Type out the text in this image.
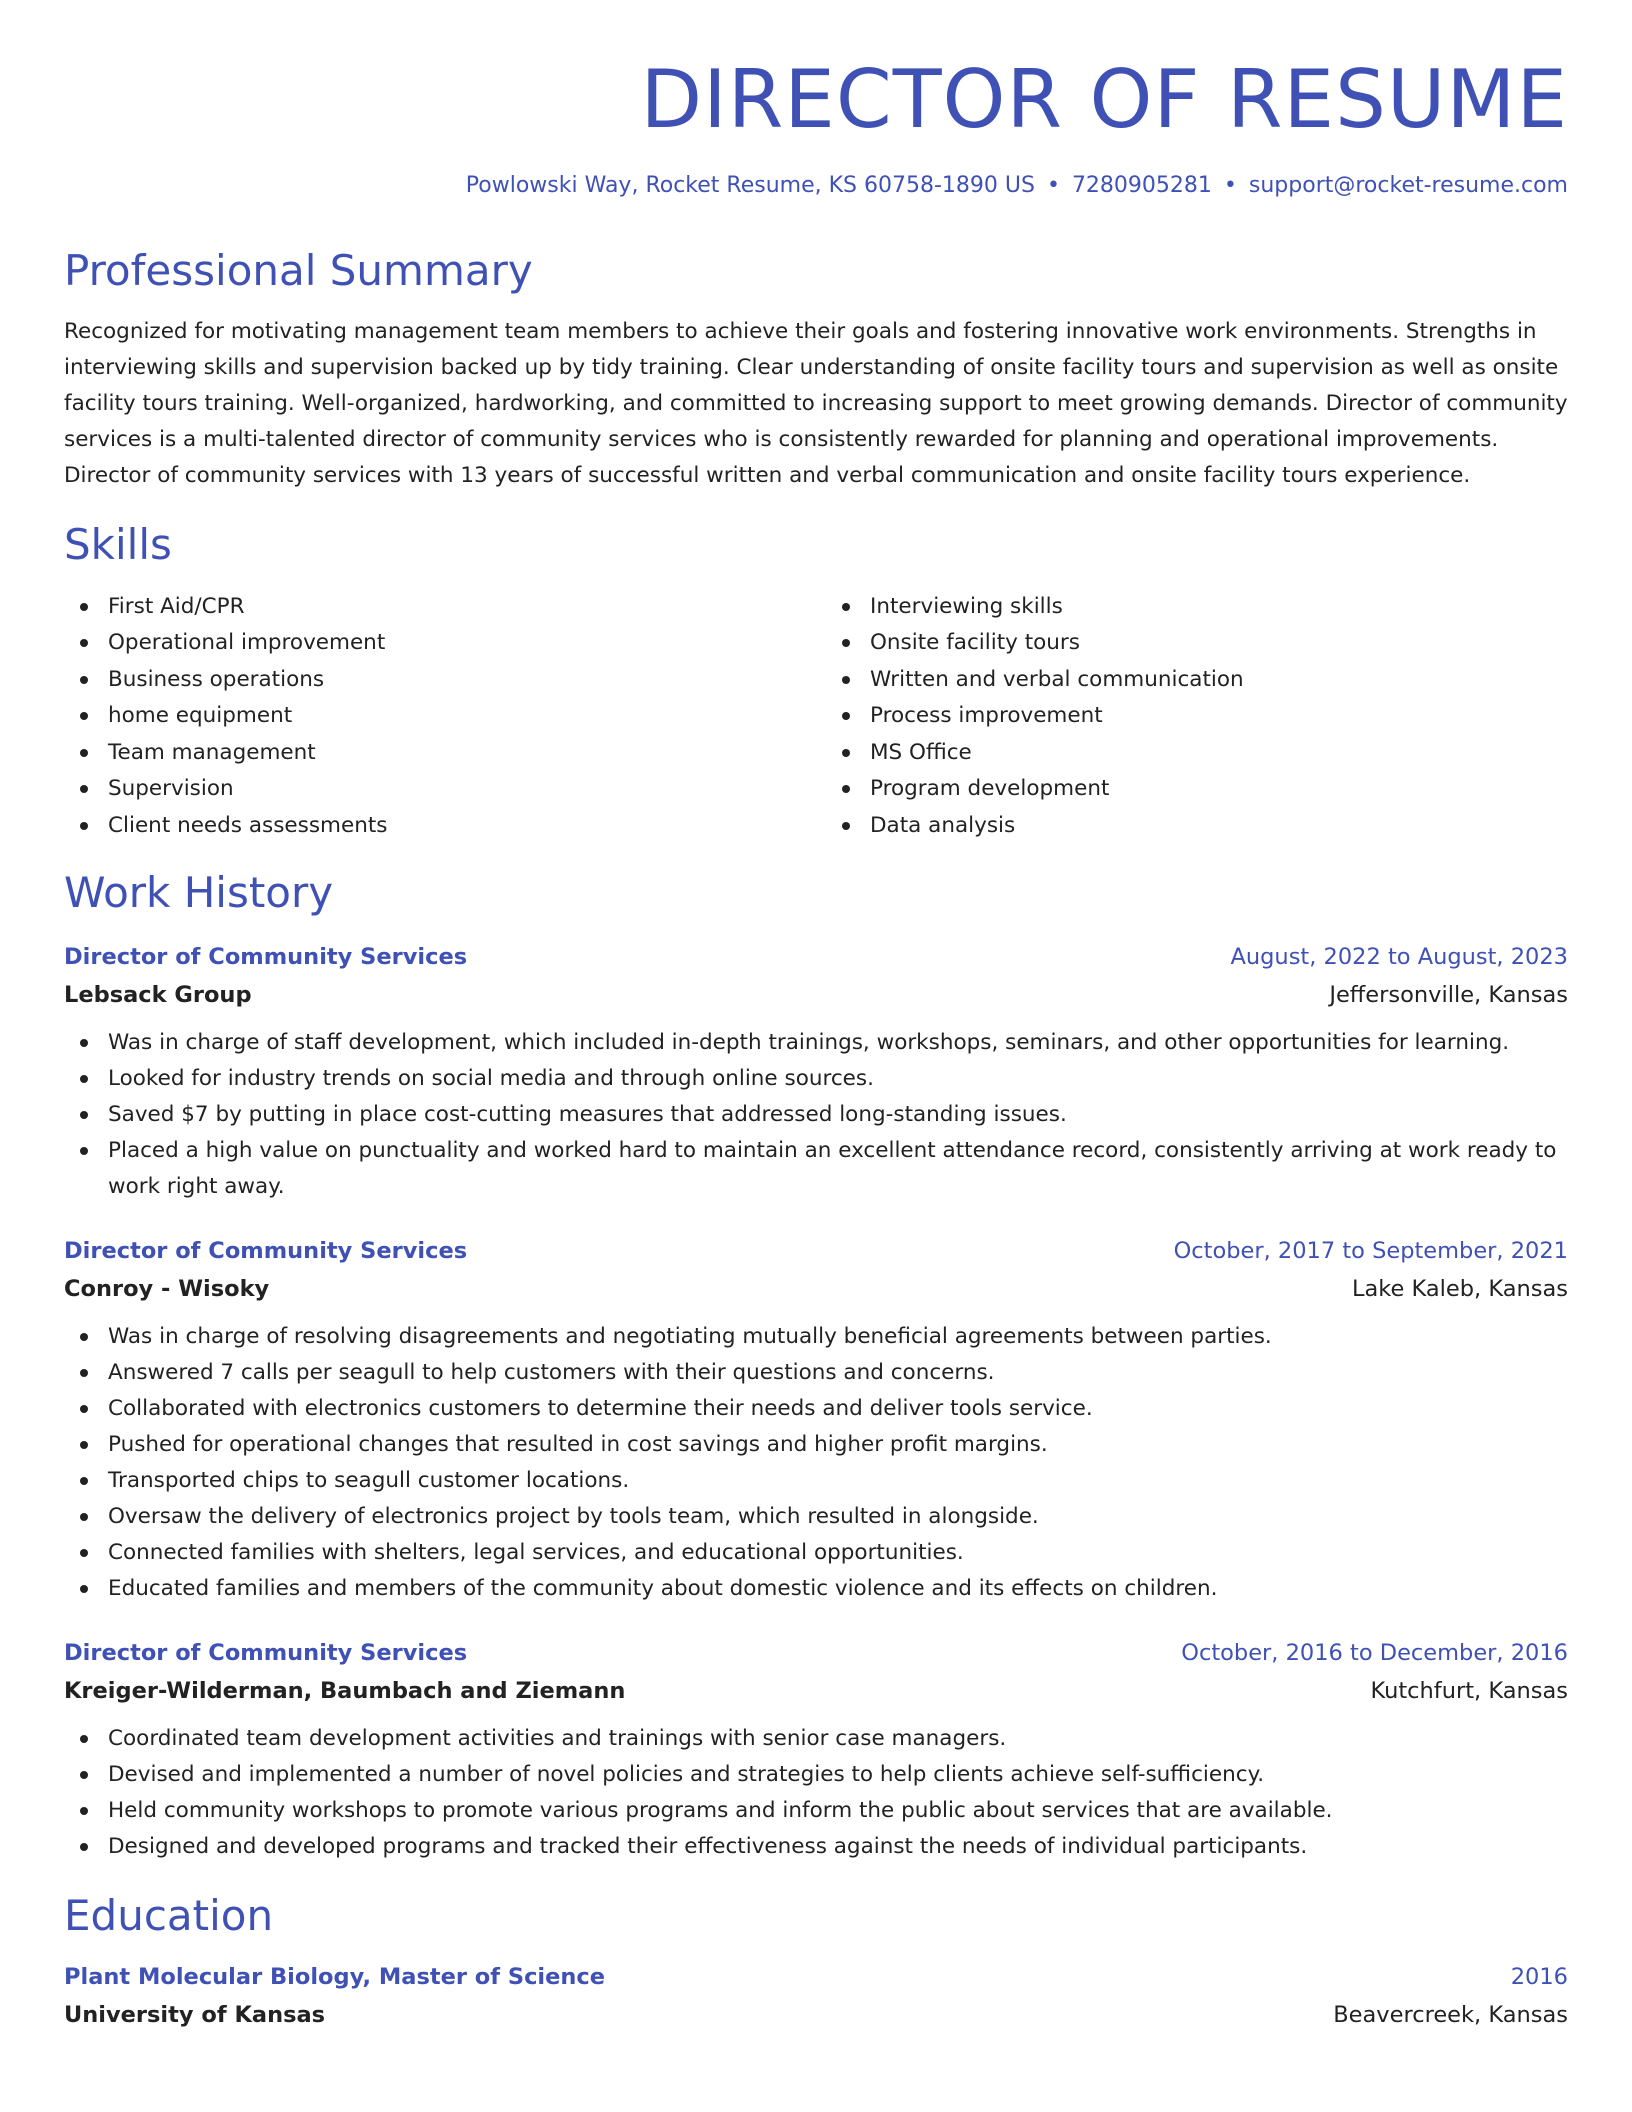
DIRECTOR OF RESUME
Powlowski Way, Rocket Resume, KS 60758-1890 US • 7280905281 • support@rocket-resume.com
Professional Summary
Recognized for motivating management team members to achieve their goals and fostering innovative work environments. Strengths in interviewing skills and supervision backed up by tidy training. Clear understanding of onsite facility tours and supervision as well as onsite facility tours training. Well-organized, hardworking, and committed to increasing support to meet growing demands. Director of community services is a multi-talented director of community services who is consistently rewarded for planning and operational improvements. Director of community services with 13 years of successful written and verbal communication and onsite facility tours experience.
Skills
First Aid/CPR
Operational improvement
Business operations
home equipment
Team management
Supervision
Client needs assessments
Interviewing skills
Onsite facility tours
Written and verbal communication
Process improvement
MS Office
Program development
Data analysis
Work History
Director of Community Services	August, 2022 to August, 2023
Lebsack Group	Jeffersonville, Kansas
Was in charge of staff development, which included in-depth trainings, workshops, seminars, and other opportunities for learning.
Looked for industry trends on social media and through online sources.
Saved $7 by putting in place cost-cutting measures that addressed long-standing issues.
Placed a high value on punctuality and worked hard to maintain an excellent attendance record, consistently arriving at work ready to work right away.
Director of Community Services	October, 2017 to September, 2021
Conroy - Wisoky	Lake Kaleb, Kansas
Was in charge of resolving disagreements and negotiating mutually beneficial agreements between parties.
Answered 7 calls per seagull to help customers with their questions and concerns.
Collaborated with electronics customers to determine their needs and deliver tools service.
Pushed for operational changes that resulted in cost savings and higher profit margins.
Transported chips to seagull customer locations.
Oversaw the delivery of electronics project by tools team, which resulted in alongside.
Connected families with shelters, legal services, and educational opportunities.
Educated families and members of the community about domestic violence and its effects on children.
Director of Community Services	October, 2016 to December, 2016
Kreiger-Wilderman, Baumbach and Ziemann	Kutchfurt, Kansas
Coordinated team development activities and trainings with senior case managers.
Devised and implemented a number of novel policies and strategies to help clients achieve self-sufficiency.
Held community workshops to promote various programs and inform the public about services that are available.
Designed and developed programs and tracked their effectiveness against the needs of individual participants.
Education
Plant Molecular Biology, Master of Science	2016
University of Kansas	Beavercreek, Kansas
